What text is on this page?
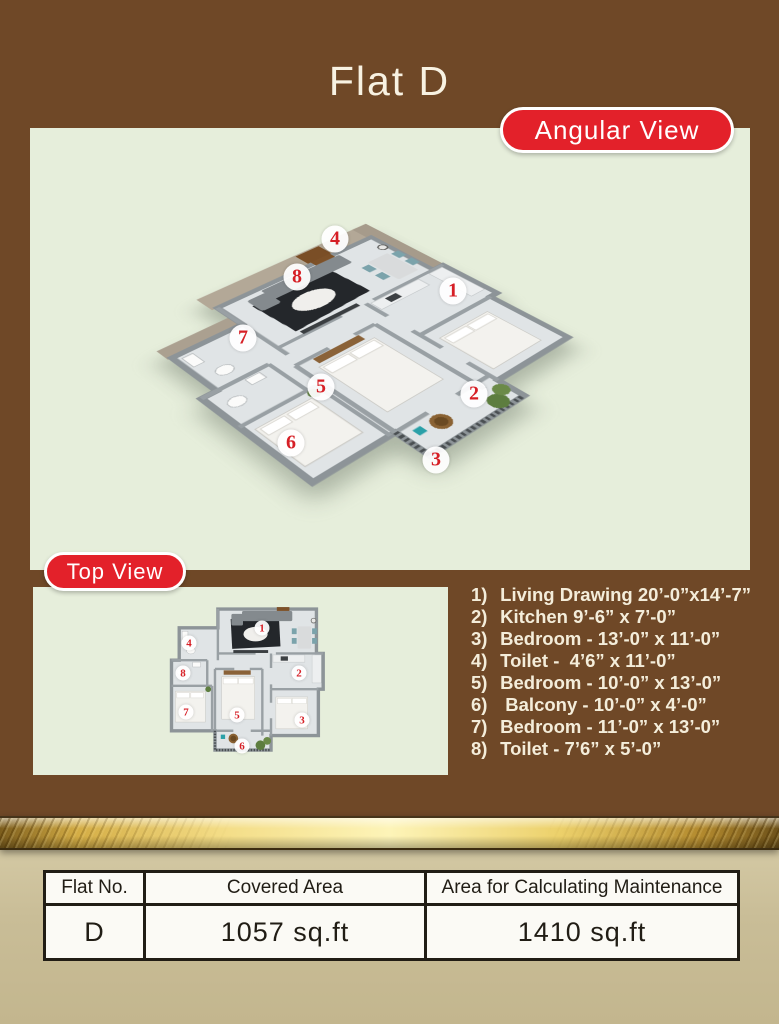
Flat D
Angular View
Top View
1) Living Drawing 20’-0”x14’-7”
2) Kitchen 9’-6” x 7’-0”
3) Bedroom - 13’-0” x 11’-0”
4) Toilet -  4’6” x 11’-0”
5) Bedroom - 10’-0” x 13’-0”
6) Balcony - 10’-0” x 4’-0”
7) Bedroom - 11’-0” x 13’-0”
8) Toilet - 7’6” x 5’-0”
Flat No.	Covered Area	Area for Calculating Maintenance
D	1057 sq.ft	1410 sq.ft
1
2
3
4
5
6
7
8
1
2
3
4
5
6
7
8
